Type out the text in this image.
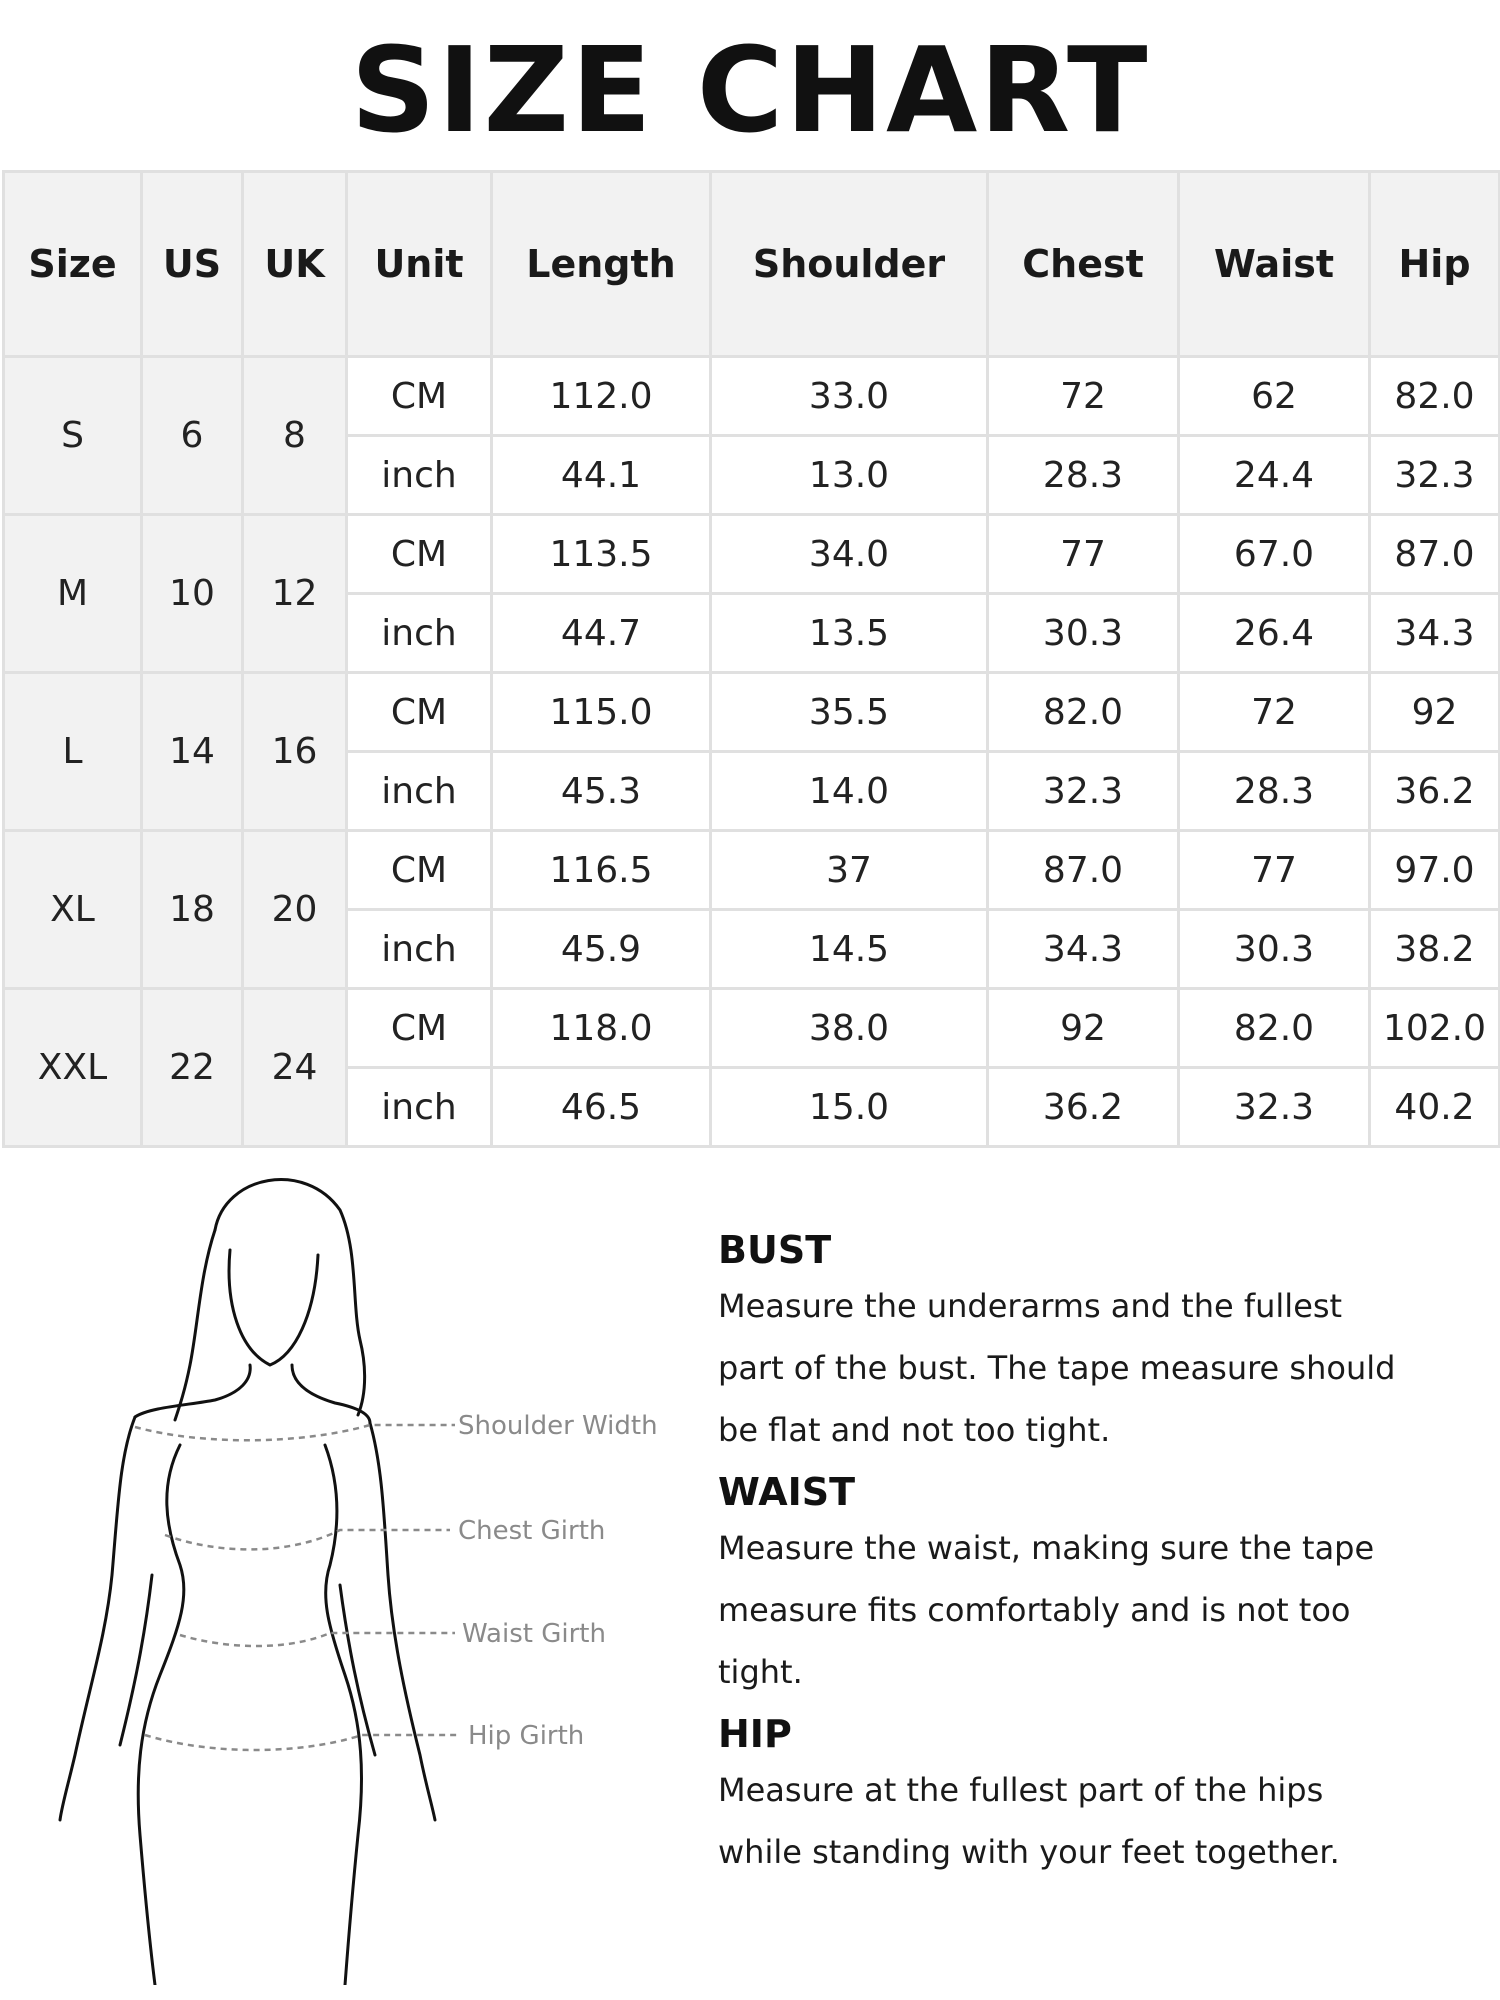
SIZE CHART
Size	US	UK	Unit	Length	Shoulder	Chest	Waist	Hip
S	6	8	CM	112.0	33.0	72	62	82.0
			inch	44.1	13.0	28.3	24.4	32.3
M	10	12	CM	113.5	34.0	77	67.0	87.0
			inch	44.7	13.5	30.3	26.4	34.3
L	14	16	CM	115.0	35.5	82.0	72	92
			inch	45.3	14.0	32.3	28.3	36.2
XL	18	20	CM	116.5	37	87.0	77	97.0
			inch	45.9	14.5	34.3	30.3	38.2
XXL	22	24	CM	118.0	38.0	92	82.0	102.0
			inch	46.5	15.0	36.2	32.3	40.2
Shoulder Width
Chest Girth
Waist Girth
Hip Girth
BUST

Measure the underarms and the fullest
part of the bust. The tape measure should
be flat and not too tight.

WAIST

Measure the waist, making sure the tape
measure fits comfortably and is not too
tight.

HIP

Measure at the fullest part of the hips
while standing with your feet together.
